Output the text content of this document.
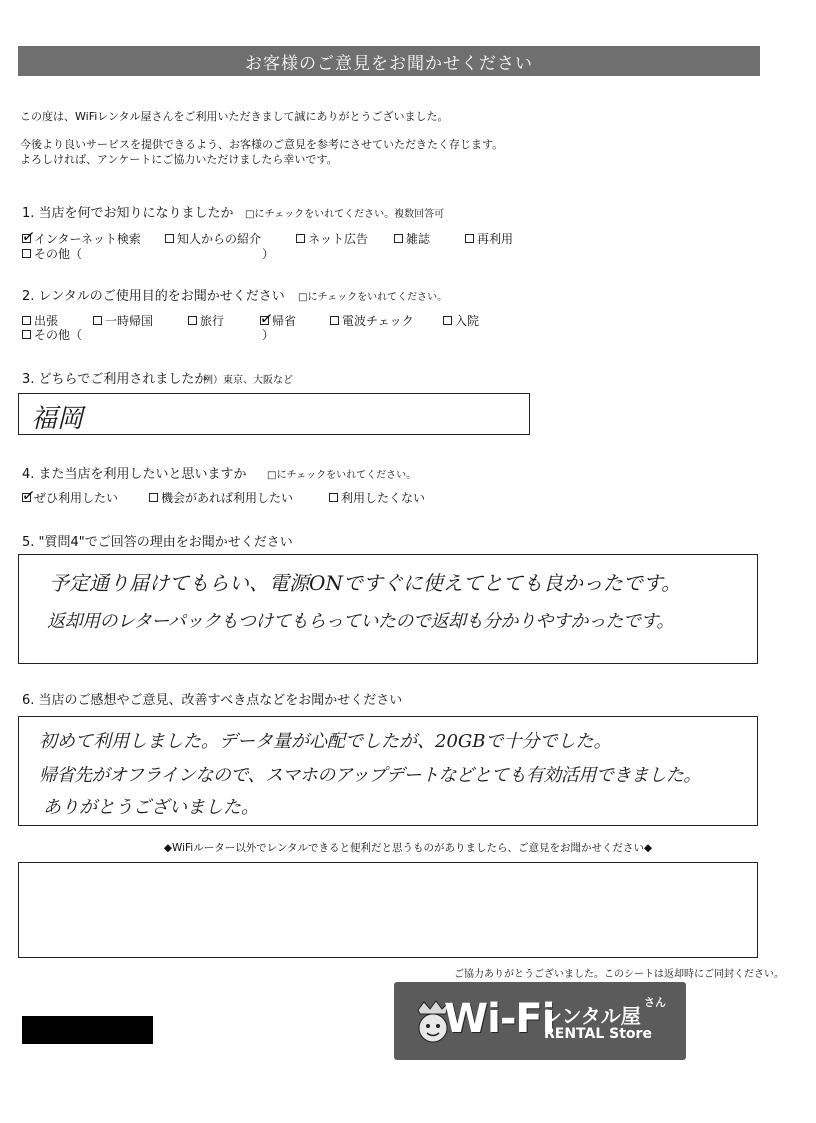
お客様のご意見をお聞かせください
この度は、WiFiレンタル屋さんをご利用いただきまして誠にありがとうございました。
今後より良いサービスを提供できるよう、お客様のご意見を参考にさせていただきたく存じます。
よろしければ、アンケートにご協力いただけましたら幸いです。
1. 当店を何でお知りになりましたか □にチェックをいれてください。複数回答可
✓
インターネット検索	知人からの紹介	ネット広告	雑誌	再利用
その他（	）
2. レンタルのご使用目的をお聞かせください □にチェックをいれてください。
出張	一時帰国	旅行 ✓
帰省	電波チェック	入院
その他（	）
3. どちらでご利用されましたか
例）東京、大阪など
福岡
4. また当店を利用したいと思いますか □にチェックをいれてください。
✓
ぜひ利用したい	機会があれば利用したい	利用したくない
5. "質問4"でご回答の理由をお聞かせください
予定通り届けてもらい、電源ONですぐに使えてとても良かったです。
返却用のレターパックもつけてもらっていたので返却も分かりやすかったです。
6. 当店のご感想やご意見、改善すべき点などをお聞かせください
初めて利用しました。データ量が心配でしたが、20GBで十分でした。
帰省先がオフラインなので、スマホのアップデートなどとても有効活用できました。
ありがとうございました。
◆WiFiルーター以外でレンタルできると便利だと思うものがありましたら、ご意見をお聞かせください◆
ご協力ありがとうございました。このシートは返却時にご同封ください。
Wi-Fi
レンタル屋
さん
RENTAL Store
